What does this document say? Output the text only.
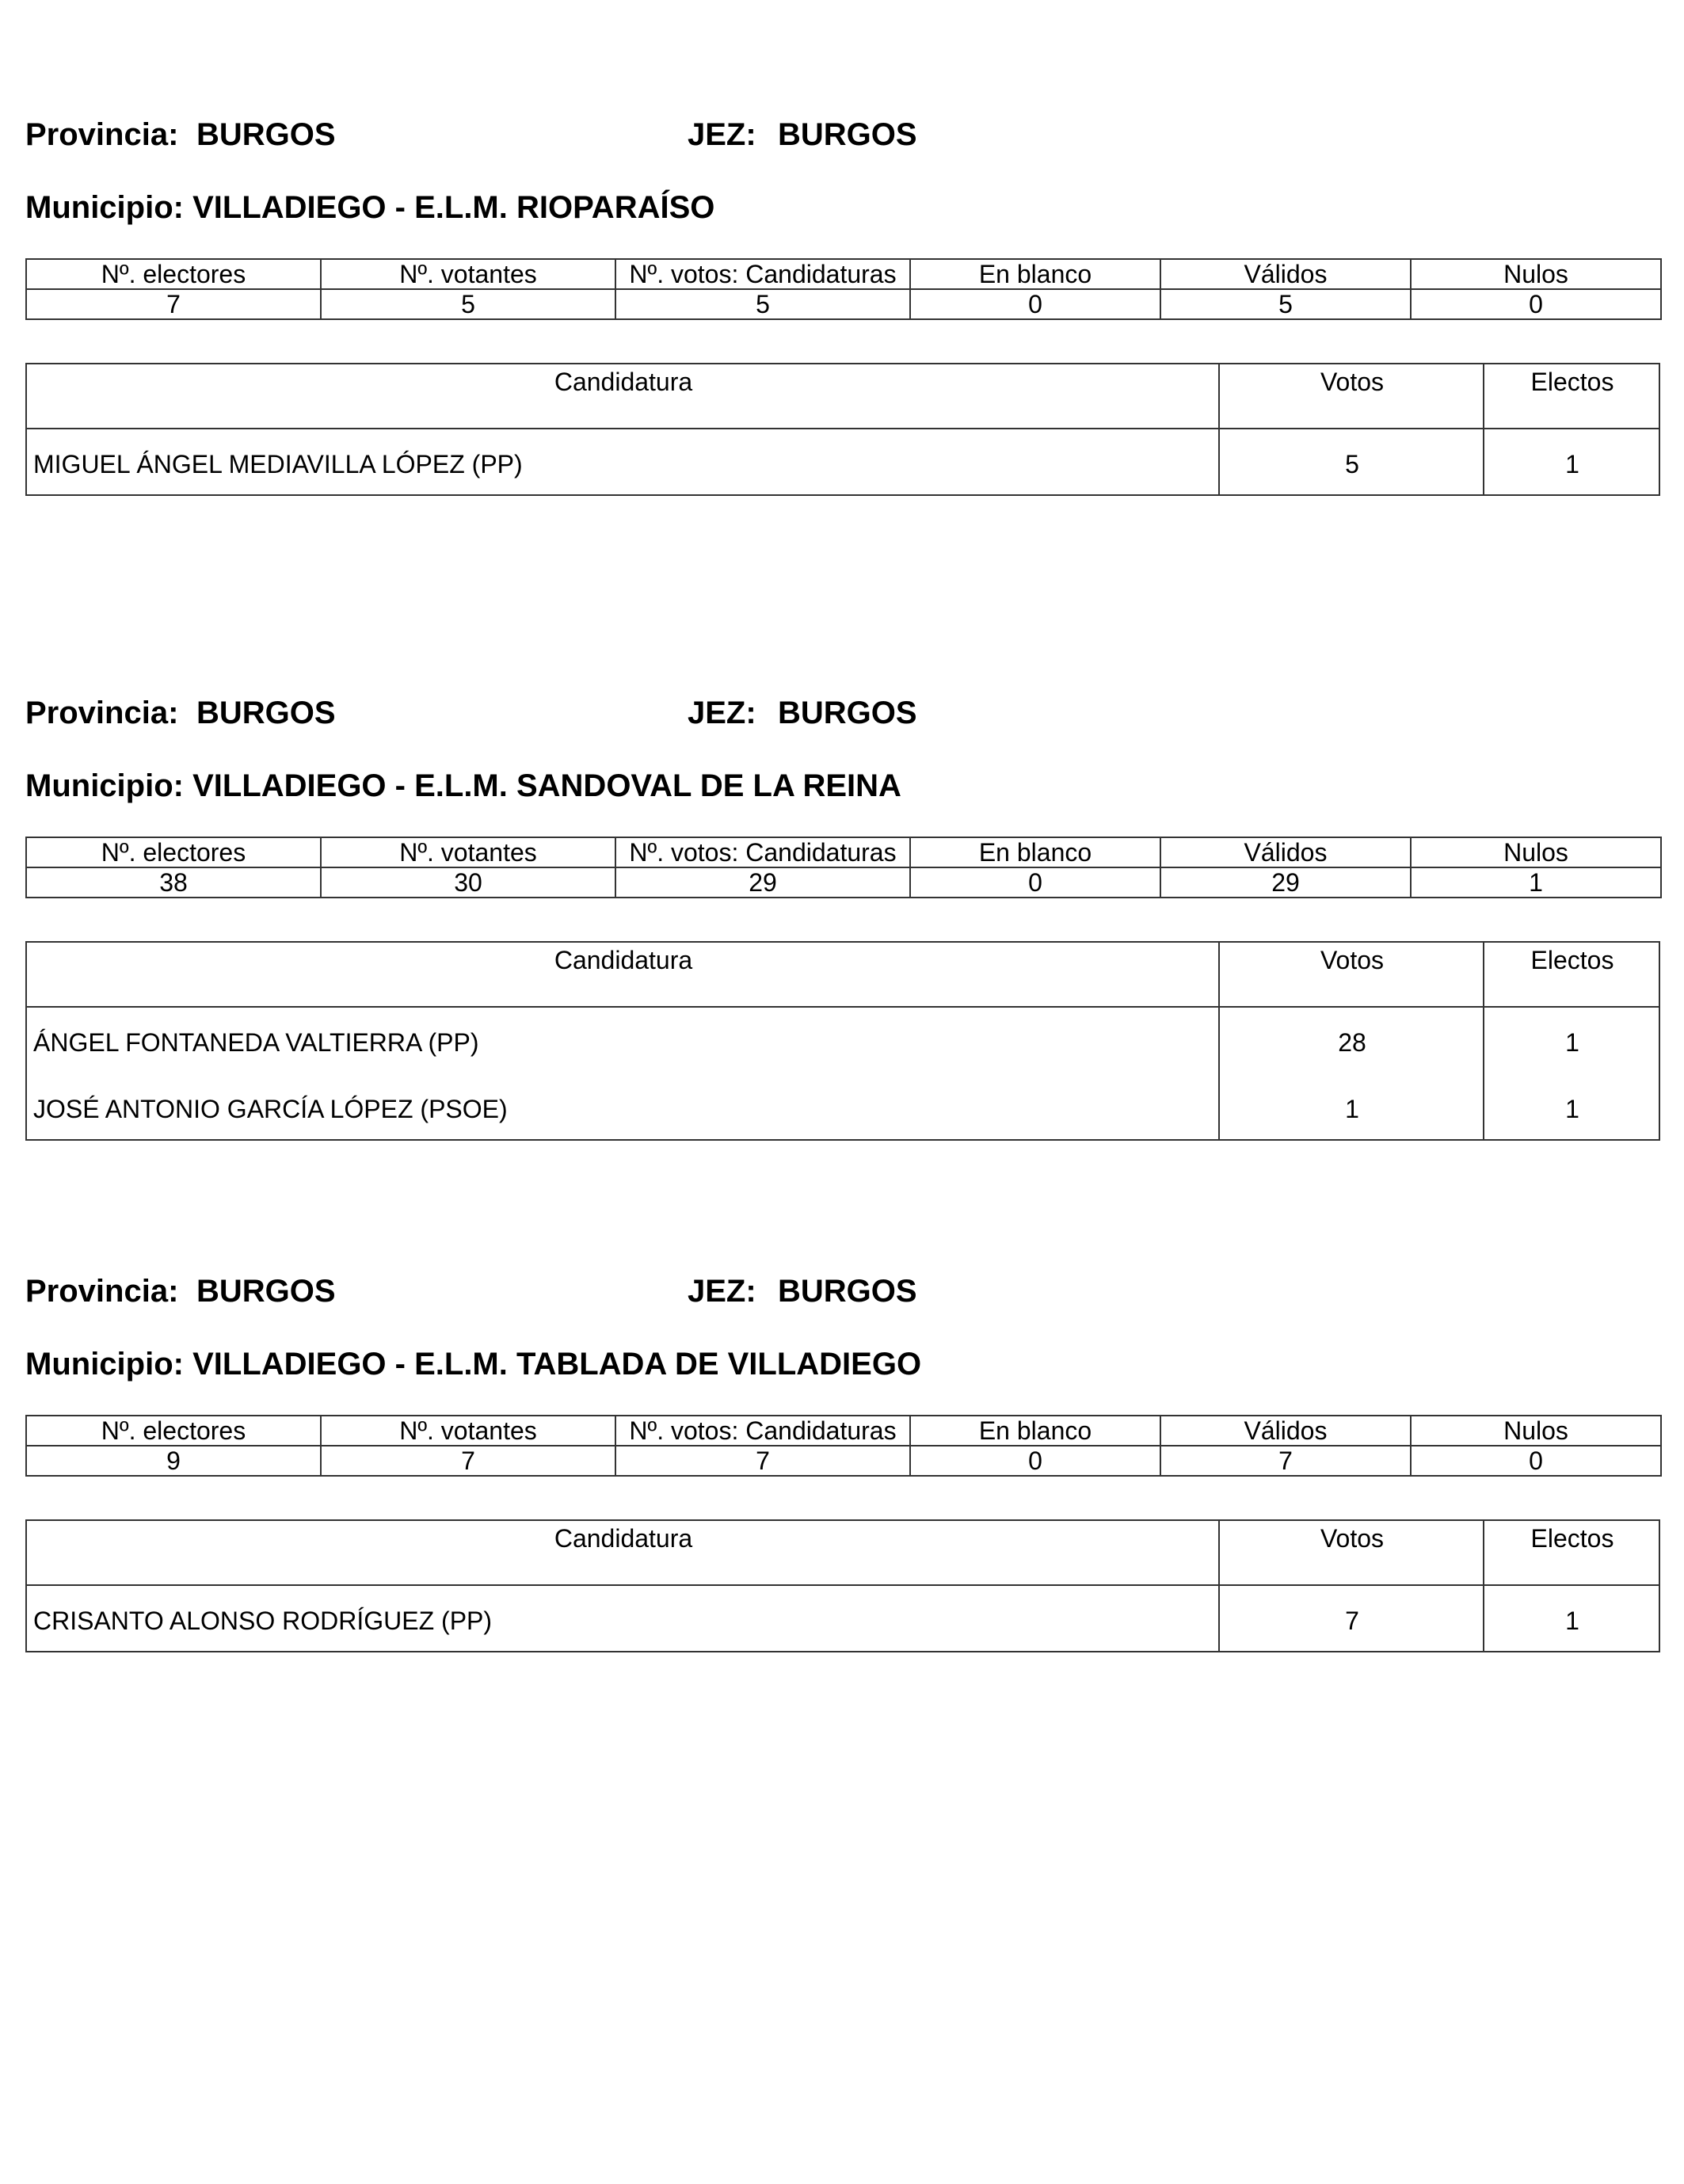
Provincia: BURGOS	JEZ: BURGOS
Municipio: VILLADIEGO - E.L.M. RIOPARAÍSO
Nº. electores	Nº. votantes	Nº. votos: Candidaturas	En blanco	Válidos	Nulos
7	5	5	0	5	0
Candidatura	Votos	Electos
MIGUEL ÁNGEL MEDIAVILLA LÓPEZ (PP)	5	1
Provincia: BURGOS	JEZ: BURGOS
Municipio: VILLADIEGO - E.L.M. SANDOVAL DE LA REINA
Nº. electores	Nº. votantes	Nº. votos: Candidaturas	En blanco	Válidos	Nulos
38	30	29	0	29	1
Candidatura	Votos	Electos
ÁNGEL FONTANEDA VALTIERRA (PP)	28	1
JOSÉ ANTONIO GARCÍA LÓPEZ (PSOE)	1	1
Provincia: BURGOS	JEZ: BURGOS
Municipio: VILLADIEGO - E.L.M. TABLADA DE VILLADIEGO
Nº. electores	Nº. votantes	Nº. votos: Candidaturas	En blanco	Válidos	Nulos
9	7	7	0	7	0
Candidatura	Votos	Electos
CRISANTO ALONSO RODRÍGUEZ (PP)	7	1
